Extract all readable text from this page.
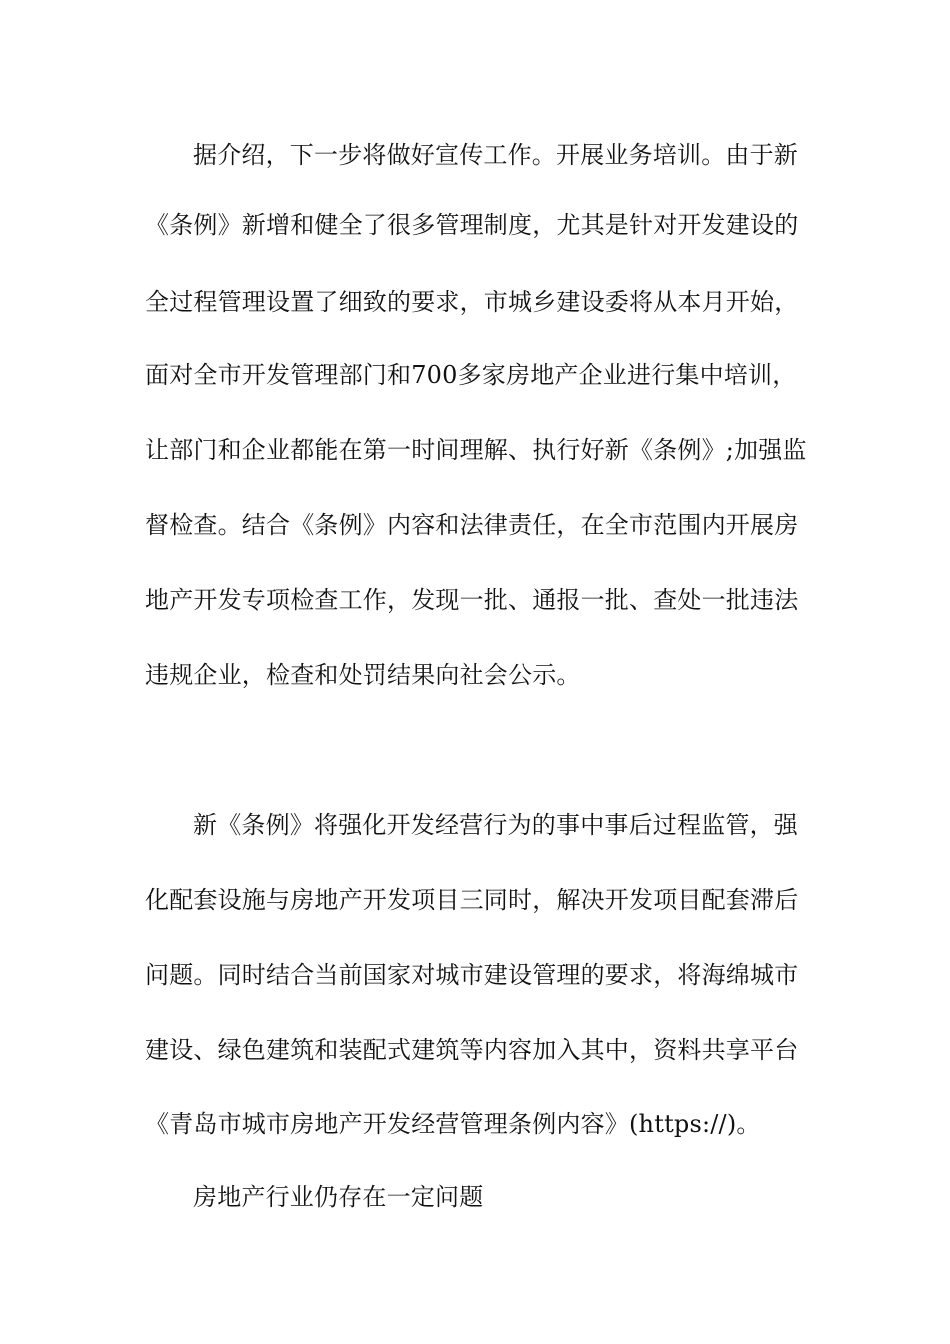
据介绍，下一步将做好宣传工作。开展业务培训。由于新
《条例》新增和健全了很多管理制度，尤其是针对开发建设的
全过程管理设置了细致的要求，市城乡建设委将从本月开始，
面对全市开发管理部门和700多家房地产企业进行集中培训，
让部门和企业都能在第一时间理解、执行好新《条例》;加强监
督检查。结合《条例》内容和法律责任，在全市范围内开展房
地产开发专项检查工作，发现一批、通报一批、查处一批违法
违规企业，检查和处罚结果向社会公示。
新《条例》将强化开发经营行为的事中事后过程监管，强
化配套设施与房地产开发项目三同时，解决开发项目配套滞后
问题。同时结合当前国家对城市建设管理的要求，将海绵城市
建设、绿色建筑和装配式建筑等内容加入其中，资料共享平台
《青岛市城市房地产开发经营管理条例内容》(https://)。
房地产行业仍存在一定问题
